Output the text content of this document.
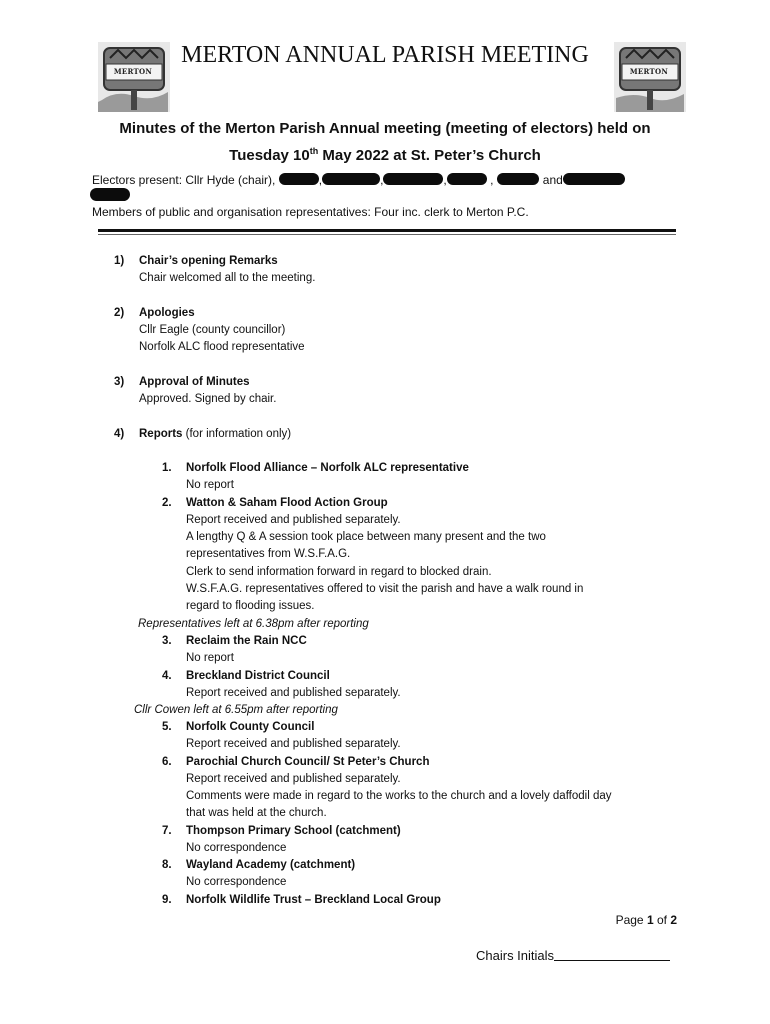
MERTON
MERTON ANNUAL PARISH MEETING
MERTON
Minutes of the Merton Parish Annual meeting (meeting of electors) held on
Tuesday 10th May 2022 at St. Peter’s Church
Electors present: Cllr Hyde (chair),	,	,	,	,	and
Members of public and organisation representatives: Four inc. clerk to Merton P.C.
1) Chair’s opening Remarks
Chair welcomed all to the meeting.
2) Apologies
Cllr Eagle (county councillor)
Norfolk ALC flood representative
3) Approval of Minutes
Approved. Signed by chair.
4) Reports (for information only)
1. Norfolk Flood Alliance – Norfolk ALC representative
No report
2. Watton & Saham Flood Action Group
Report received and published separately.
A lengthy Q & A session took place between many present and the two
representatives from W.S.F.A.G.
Clerk to send information forward in regard to blocked drain.
W.S.F.A.G. representatives offered to visit the parish and have a walk round in
regard to flooding issues.
Representatives left at 6.38pm after reporting
3. Reclaim the Rain NCC
No report
4. Breckland District Council
Report received and published separately.
Cllr Cowen left at 6.55pm after reporting
5. Norfolk County Council
Report received and published separately.
6. Parochial Church Council/ St Peter’s Church
Report received and published separately.
Comments were made in regard to the works to the church and a lovely daffodil day
that was held at the church.
7. Thompson Primary School (catchment)
No correspondence
8. Wayland Academy (catchment)
No correspondence
9. Norfolk Wildlife Trust – Breckland Local Group
Page 1 of 2
Chairs Initials
